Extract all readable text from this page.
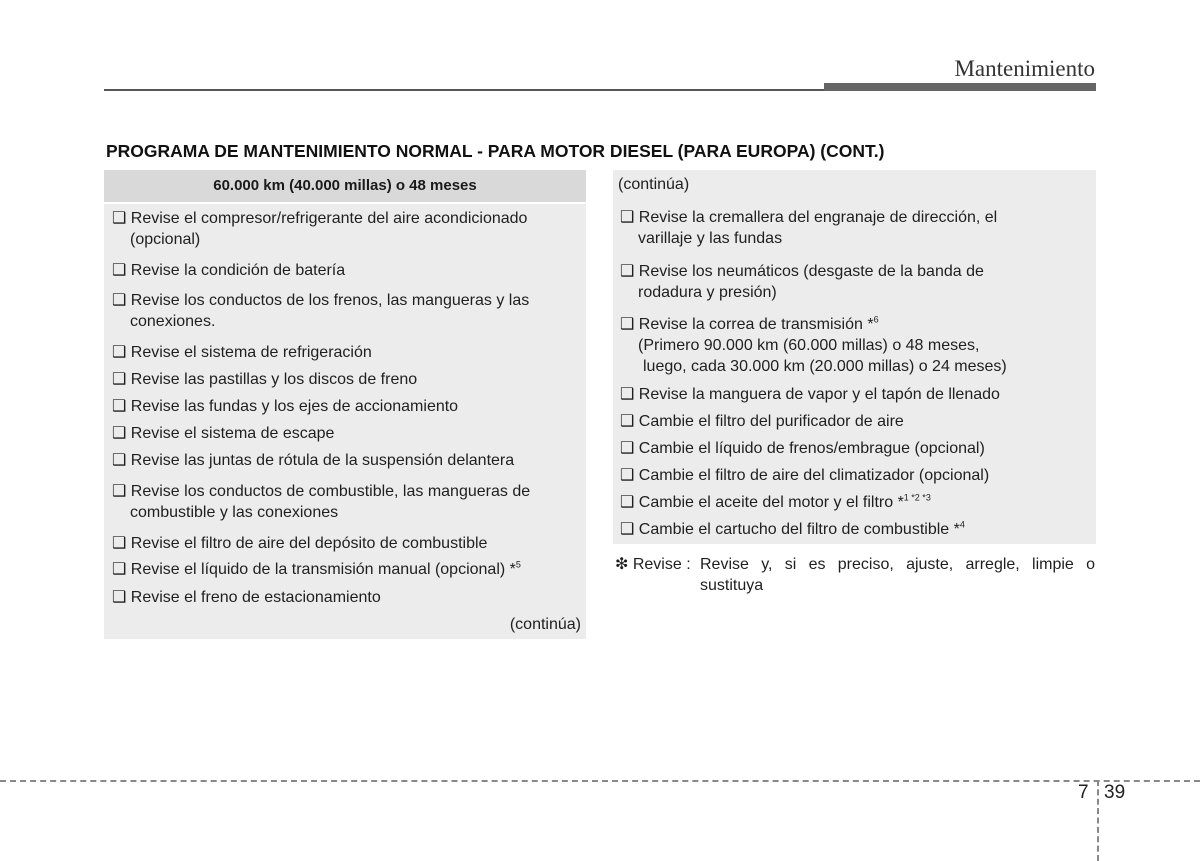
Mantenimiento
PROGRAMA DE MANTENIMIENTO NORMAL - PARA MOTOR DIESEL (PARA EUROPA) (CONT.)
60.000 km (40.000 millas) o 48 meses
❑ Revise el compresor/refrigerante del aire acondicionado (opcional)
❑ Revise la condición de batería
❑ Revise los conductos de los frenos, las mangueras y las conexiones.
❑ Revise el sistema de refrigeración
❑ Revise las pastillas y los discos de freno
❑ Revise las fundas y los ejes de accionamiento
❑ Revise el sistema de escape
❑ Revise las juntas de rótula de la suspensión delantera
❑ Revise los conductos de combustible, las mangueras de combustible y las conexiones
❑ Revise el filtro de aire del depósito de combustible
❑ Revise el líquido de la transmisión manual (opcional) *$^5$
❑ Revise el freno de estacionamiento
(continúa)
(continúa)
❑ Revise la cremallera del engranaje de dirección, el varillaje y las fundas
❑ Revise los neumáticos (desgaste de la banda de rodadura y presión)
❑ Revise la correa de transmisión *$^6$
(Primero 90.000 km (60.000 millas) o 48 meses,
luego, cada 30.000 km (20.000 millas) o 24 meses)
❑ Revise la manguera de vapor y el tapón de llenado
❑ Cambie el filtro del purificador de aire
❑ Cambie el líquido de frenos/embrague (opcional)
❑ Cambie el filtro de aire del climatizador (opcional)
❑ Cambie el aceite del motor y el filtro *$^{1 *2 *3}$
❑ Cambie el cartucho del filtro de combustible *$^4$
❇ Revise : Revise y, si es preciso, ajuste, arregle, limpie o sustituya
7 39
